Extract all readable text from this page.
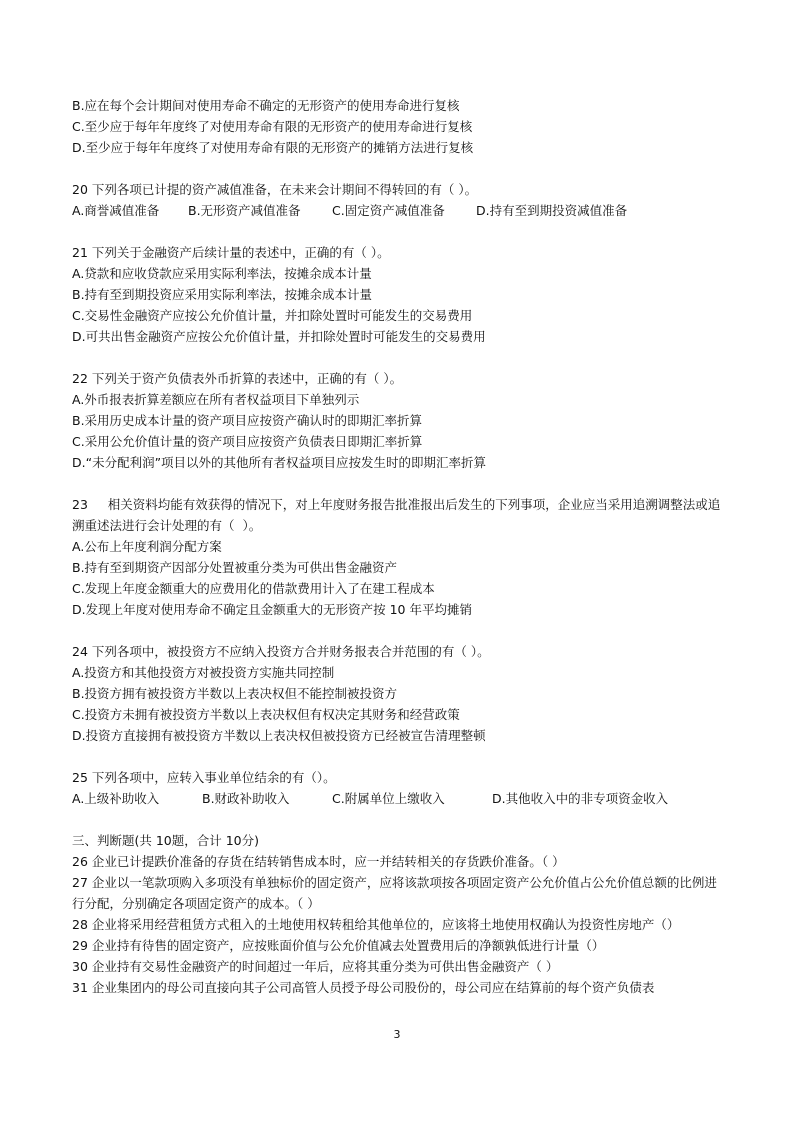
B.应在每个会计期间对使用寿命不确定的无形资产的使用寿命进行复核
C.至少应于每年年度终了对使用寿命有限的无形资产的使用寿命进行复核
D.至少应于每年年度终了对使用寿命有限的无形资产的摊销方法进行复核
20 下列各项已计提的资产减值准备，在未来会计期间不得转回的有（ ）。
A.商誉减值准备	B.无形资产减值准备	C.固定资产减值准备	D.持有至到期投资减值准备
21 下列关于金融资产后续计量的表述中，正确的有（ ）。
A.贷款和应收贷款应采用实际利率法，按摊余成本计量
B.持有至到期投资应采用实际利率法，按摊余成本计量
C.交易性金融资产应按公允价值计量，并扣除处置时可能发生的交易费用
D.可共出售金融资产应按公允价值计量，并扣除处置时可能发生的交易费用
22 下列关于资产负债表外币折算的表述中，正确的有（ ）。
A.外币报表折算差额应在所有者权益项目下单独列示
B.采用历史成本计量的资产项目应按资产确认时的即期汇率折算
C.采用公允价值计量的资产项目应按资产负债表日即期汇率折算
D.“未分配利润”项目以外的其他所有者权益项目应按发生时的即期汇率折算
23     相关资料均能有效获得的情况下，对上年度财务报告批准报出后发生的下列事项，企业应当采用追溯调整法或追溯重述法进行会计处理的有（  ）。
A.公布上年度利润分配方案
B.持有至到期资产因部分处置被重分类为可供出售金融资产
C.发现上年度金额重大的应费用化的借款费用计入了在建工程成本
D.发现上年度对使用寿命不确定且金额重大的无形资产按 10 年平均摊销
24 下列各项中，被投资方不应纳入投资方合并财务报表合并范围的有（ ）。
A.投资方和其他投资方对被投资方实施共同控制
B.投资方拥有被投资方半数以上表决权但不能控制被投资方
C.投资方未拥有被投资方半数以上表决权但有权决定其财务和经营政策
D.投资方直接拥有被投资方半数以上表决权但被投资方已经被宣告清理整顿
25 下列各项中，应转入事业单位结余的有（）。
A.上级补助收入	B.财政补助收入	C.附属单位上缴收入	D.其他收入中的非专项资金收入
三、判断题(共 10题，合计 10分)
26 企业已计提跌价准备的存货在结转销售成本时，应一并结转相关的存货跌价准备。（ ）
27 企业以一笔款项购入多项没有单独标价的固定资产，应将该款项按各项固定资产公允价值占公允价值总额的比例进行分配，分别确定各项固定资产的成本。（ ）
28 企业将采用经营租赁方式租入的土地使用权转租给其他单位的，应该将土地使用权确认为投资性房地产（）
29 企业持有待售的固定资产，应按账面价值与公允价值减去处置费用后的净额孰低进行计量（）
30 企业持有交易性金融资产的时间超过一年后，应将其重分类为可供出售金融资产（ ）
31 企业集团内的母公司直接向其子公司高管人员授予母公司股份的，母公司应在结算前的每个资产负债表
3
